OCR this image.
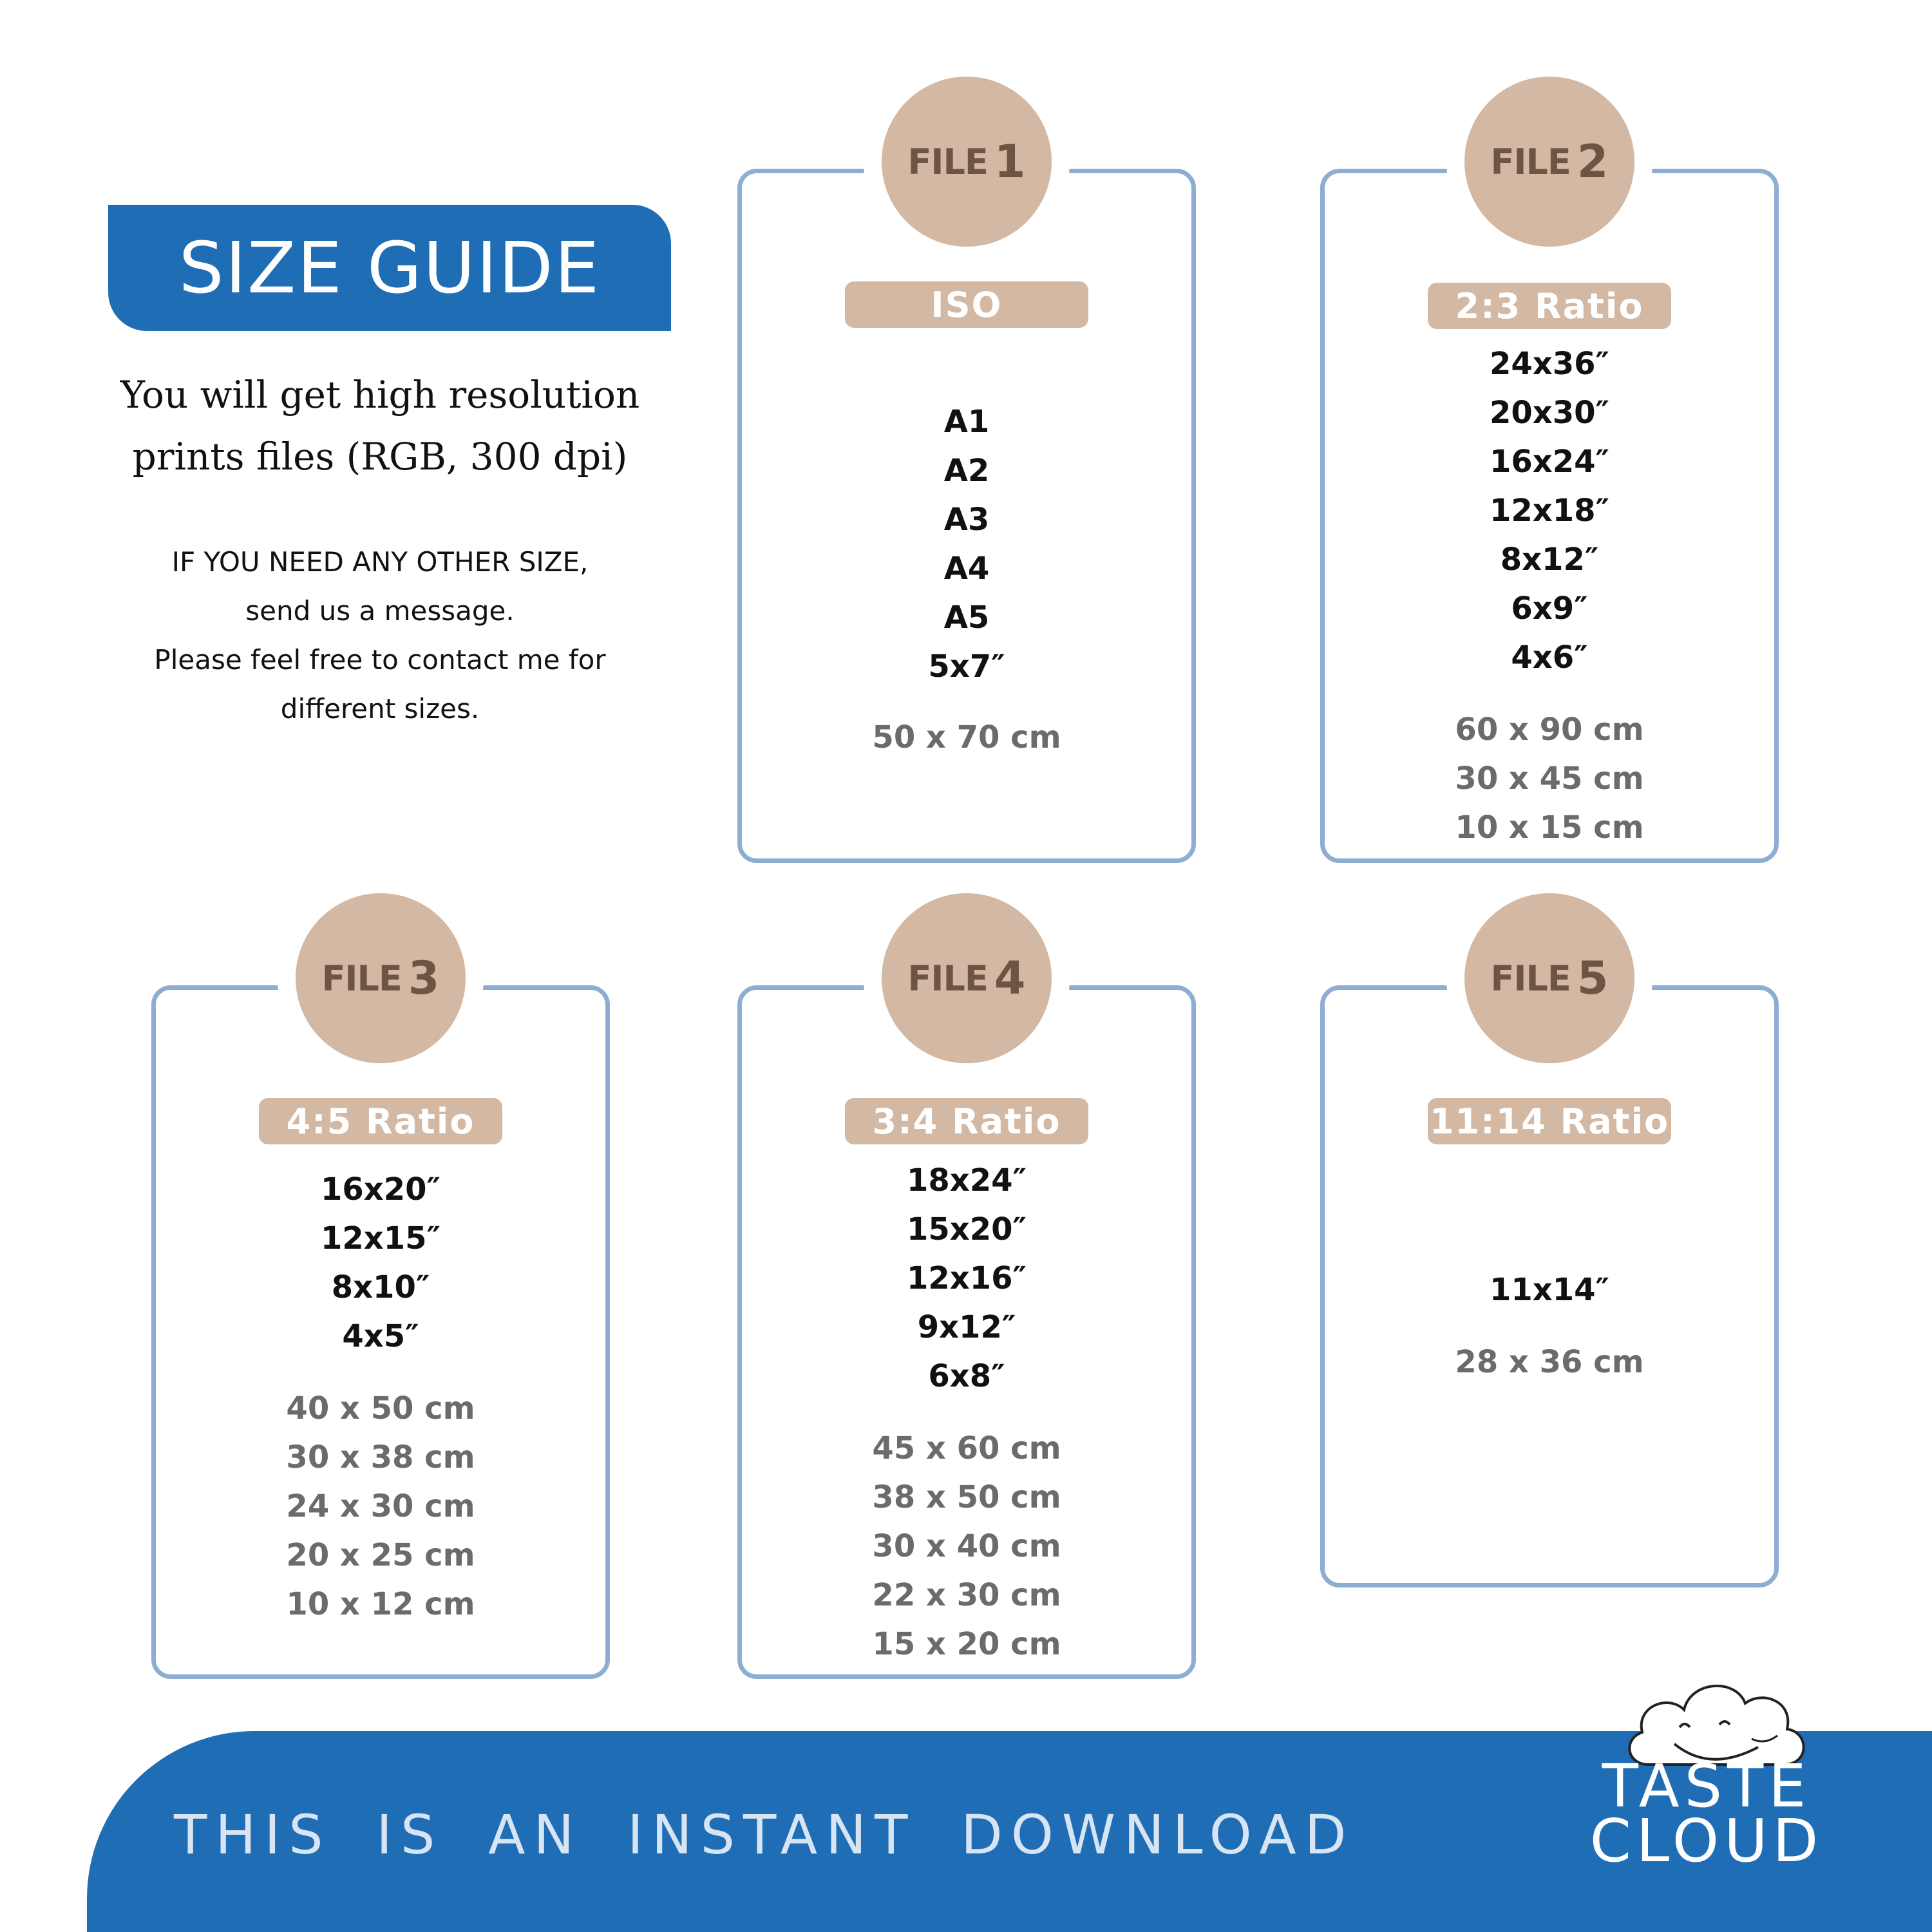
SIZE GUIDE
You will get high resolution
prints files (RGB, 300 dpi)
IF YOU NEED ANY OTHER SIZE,
send us a message.
Please feel free to contact me for
different sizes.
FILE 1
ISO
A1
A2
A3
A4
A5
5x7″
50 x 70 cm
FILE 2
2:3 Ratio
24x36″
20x30″
16x24″
12x18″
8x12″
6x9″
4x6″
60 x 90 cm
30 x 45 cm
10 x 15 cm
FILE 3
4:5 Ratio
16x20″
12x15″
8x10″
4x5″
40 x 50 cm
30 x 38 cm
24 x 30 cm
20 x 25 cm
10 x 12 cm
FILE 4
3:4 Ratio
18x24″
15x20″
12x16″
9x12″
6x8″
45 x 60 cm
38 x 50 cm
30 x 40 cm
22 x 30 cm
15 x 20 cm
FILE 5
11:14 Ratio
11x14″
28 x 36 cm
THIS IS AN INSTANT DOWNLOAD
TASTE
CLOUD
